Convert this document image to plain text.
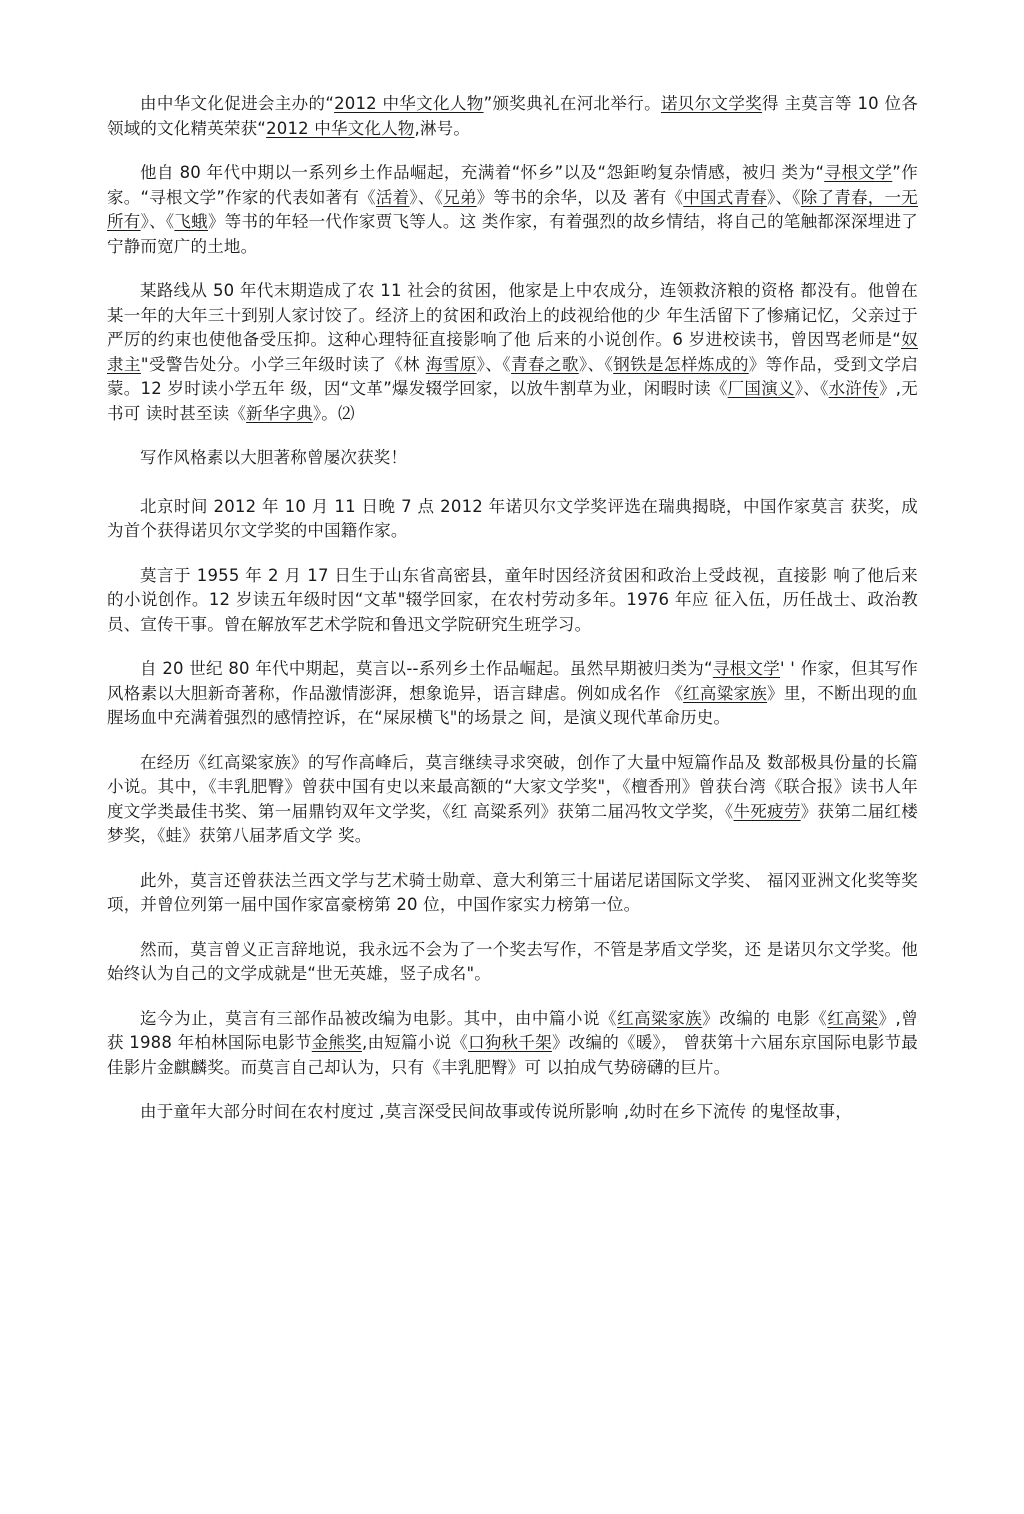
由中华文化促进会主办的“2012 中华文化人物”颁奖典礼在河北举行。诺贝尔文学奖得 主莫言等 10 位各领域的文化精英荣获“2012 中华文化人物,淋号。

他自 80 年代中期以一系列乡土作品崛起，充满着“怀乡”以及“怨鉅哟复杂情感，被归 类为“寻根文学”作家。“寻根文学”作家的代表如著有《活着》、《兄弟》等书的余华，以及 著有《中国式青春》、《除了青春，一无所有》、《飞蛾》等书的年轻一代作家贾飞等人。这 类作家，有着强烈的故乡情结，将自己的笔触都深深埋进了宁静而宽广的土地。

某路线从 50 年代末期造成了农 11 社会的贫困，他家是上中农成分，连领救济粮的资格 都没有。他曾在某一年的大年三十到别人家讨饺了。经济上的贫困和政治上的歧视给他的少 年生活留下了惨痛记忆，父亲过于严厉的约束也使他备受压抑。这种心理特征直接影响了他 后来的小说创作。6 岁进校读书，曾因骂老师是“奴隶主"受警告处分。小学三年级时读了《林 海雪原》、《青春之歌》、《钢铁是怎样炼成的》等作品，受到文学启蒙。12 岁时读小学五年 级，因“文革”爆发辍学回家，以放牛割草为业，闲暇时读《厂国演义》、《水浒传》,无书可 读时甚至读《新华字典》。⑵

写作风格素以大胆著称曾屡次获奖！

北京时间 2012 年 10 月 11 日晚 7 点 2012 年诺贝尔文学奖评选在瑞典揭晓，中国作家莫言 获奖，成为首个获得诺贝尔文学奖的中国籍作家。

莫言于 1955 年 2 月 17 日生于山东省高密县，童年时因经济贫困和政治上受歧视，直接影 响了他后来的小说创作。12 岁读五年级时因“文革"辍学回家，在农村劳动多年。1976 年应 征入伍，历任战士、政治教员、宣传干事。曾在解放军艺术学院和鲁迅文学院研究生班学习。

自 20 世纪 80 年代中期起，莫言以--系列乡土作品崛起。虽然早期被归类为“寻根文学' ' 作家，但其写作风格素以大胆新奇著称，作品激情澎湃，想象诡异，语言肆虐。例如成名作 《红高粱家族》里，不断出现的血腥场血中充满着强烈的感情控诉，在“屎尿横飞"的场景之 间，是演义现代革命历史。

在经历《红高粱家族》的写作高峰后，莫言继续寻求突破，创作了大量中短篇作品及 数部极具份量的长篇小说。其中，《丰乳肥臀》曾获中国有史以来最高额的“大家文学奖"，《檀香刑》曾获台湾《联合报》读书人年度文学类最佳书奖、第一届鼎钧双年文学奖，《红 高粱系列》获第二届冯牧文学奖，《牛死疲劳》获第二届红楼梦奖，《蛙》获第八届茅盾文学 奖。

此外，莫言还曾获法兰西文学与艺术骑士勋章、意大利第三十届诺尼诺国际文学奖、 福冈亚洲文化奖等奖项，并曾位列第一届中国作家富豪榜第 20 位，中国作家实力榜第一位。

然而，莫言曾义正言辞地说，我永远不会为了一个奖去写作，不管是茅盾文学奖，还 是诺贝尔文学奖。他始终认为自己的文学成就是“世无英雄，竖子成名"。

迄今为止，莫言有三部作品被改编为电影。其中，由中篇小说《红高粱家族》改编的 电影《红高粱》,曾获 1988 年柏林国际电影节金熊奖,由短篇小说《口狗秋千架》改编的《暖》， 曾获第十六届东京国际电影节最佳影片金麒麟奖。而莫言自己却认为，只有《丰乳肥臀》可 以拍成气势磅礴的巨片。

由于童年大部分时间在农村度过 ,莫言深受民间故事或传说所影响 ,幼时在乡下流传 的鬼怪故事，
